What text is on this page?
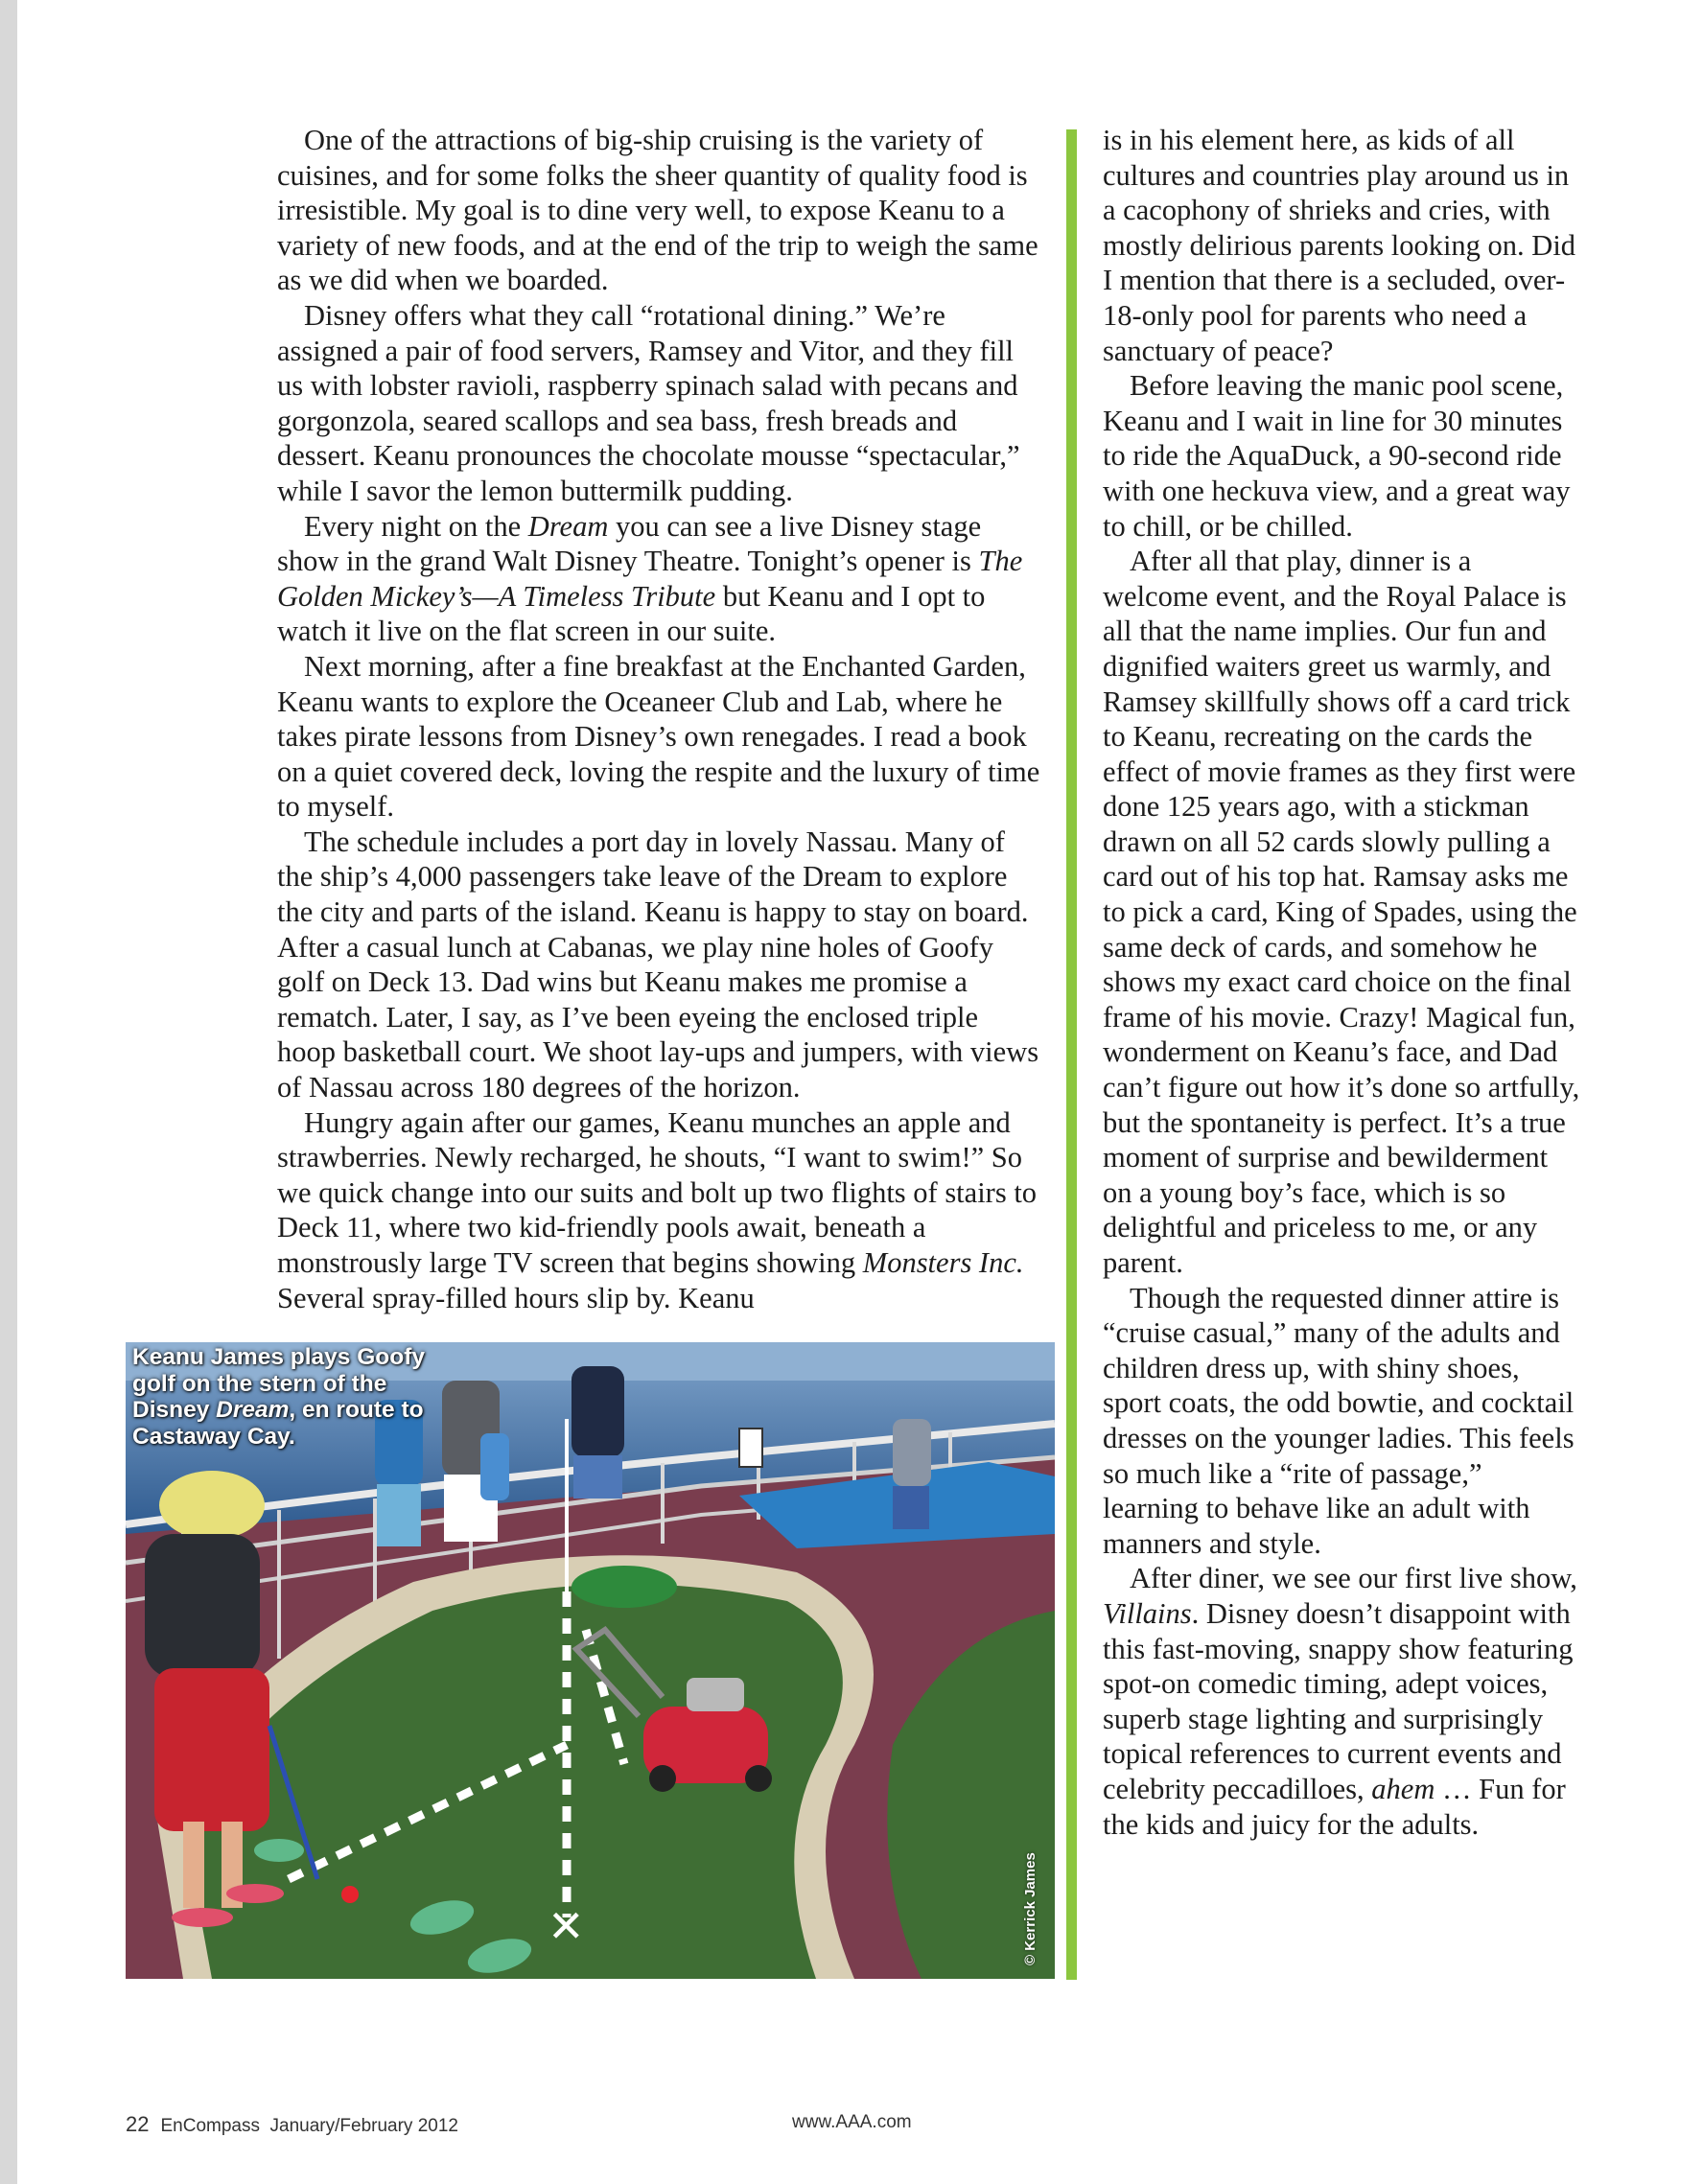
One of the attractions of big-ship cruising is the variety of cuisines, and for some folks the sheer quantity of quality food is irresistible. My goal is to dine very well, to expose Keanu to a variety of new foods, and at the end of the trip to weigh the same as we did when we boarded.

Disney offers what they call “rotational dining.” We’re assigned a pair of food servers, Ramsey and Vitor, and they fill us with lobster ravioli, raspberry spinach salad with pecans and gorgonzola, seared scallops and sea bass, fresh breads and dessert. Keanu pronounces the chocolate mousse “spectacular,” while I savor the lemon buttermilk pudding.

Every night on the Dream you can see a live Disney stage show in the grand Walt Disney Theatre. Tonight’s opener is The Golden Mickey’s—A Timeless Tribute but Keanu and I opt to watch it live on the flat screen in our suite.

Next morning, after a fine breakfast at the Enchanted Garden, Keanu wants to explore the Oceaneer Club and Lab, where he takes pirate lessons from Disney’s own renegades. I read a book on a quiet covered deck, loving the respite and the luxury of time to myself.

The schedule includes a port day in lovely Nassau. Many of the ship’s 4,000 passengers take leave of the Dream to explore the city and parts of the island. Keanu is happy to stay on board. After a casual lunch at Cabanas, we play nine holes of Goofy golf on Deck 13. Dad wins but Keanu makes me promise a rematch. Later, I say, as I’ve been eyeing the enclosed triple hoop basketball court. We shoot lay-ups and jumpers, with views of Nassau across 180 degrees of the horizon.

Hungry again after our games, Keanu munches an apple and strawberries. Newly recharged, he shouts, “I want to swim!” So we quick change into our suits and bolt up two flights of stairs to Deck 11, where two kid-friendly pools await, beneath a monstrously large TV screen that begins showing Monsters Inc. Several spray-filled hours slip by. Keanu

is in his element here, as kids of all cultures and countries play around us in a cacophony of shrieks and cries, with mostly delirious parents looking on. Did I mention that there is a secluded, over-18-only pool for parents who need a sanctuary of peace?

Before leaving the manic pool scene, Keanu and I wait in line for 30 minutes to ride the AquaDuck, a 90-second ride with one heckuva view, and a great way to chill, or be chilled.

After all that play, dinner is a welcome event, and the Royal Palace is all that the name implies. Our fun and dignified waiters greet us warmly, and Ramsey skillfully shows off a card trick to Keanu, recreating on the cards the effect of movie frames as they first were done 125 years ago, with a stickman drawn on all 52 cards slowly pulling a card out of his top hat. Ramsay asks me to pick a card, King of Spades, using the same deck of cards, and somehow he shows my exact card choice on the final frame of his movie. Crazy! Magical fun, wonderment on Keanu’s face, and Dad can’t figure out how it’s done so artfully, but the spontaneity is perfect. It’s a true moment of surprise and bewilderment on a young boy’s face, which is so delightful and priceless to me, or any parent.

Though the requested dinner attire is “cruise casual,” many of the adults and children dress up, with shiny shoes, sport coats, the odd bowtie, and cocktail dresses on the younger ladies. This feels so much like a “rite of passage,” learning to behave like an adult with manners and style.

After diner, we see our first live show, Villains. Disney doesn’t disappoint with this fast-moving, snappy show featuring spot-on comedic timing, adept voices, superb stage lighting and surprisingly topical references to current events and celebrity peccadilloes, ahem … Fun for the kids and juicy for the adults.

✕
Keanu James plays Goofy
golf on the stern of the
Disney Dream, en route to
Castaway Cay.
© Kerrick James
22 EnCompass  January/February 2012	www.AAA.com
